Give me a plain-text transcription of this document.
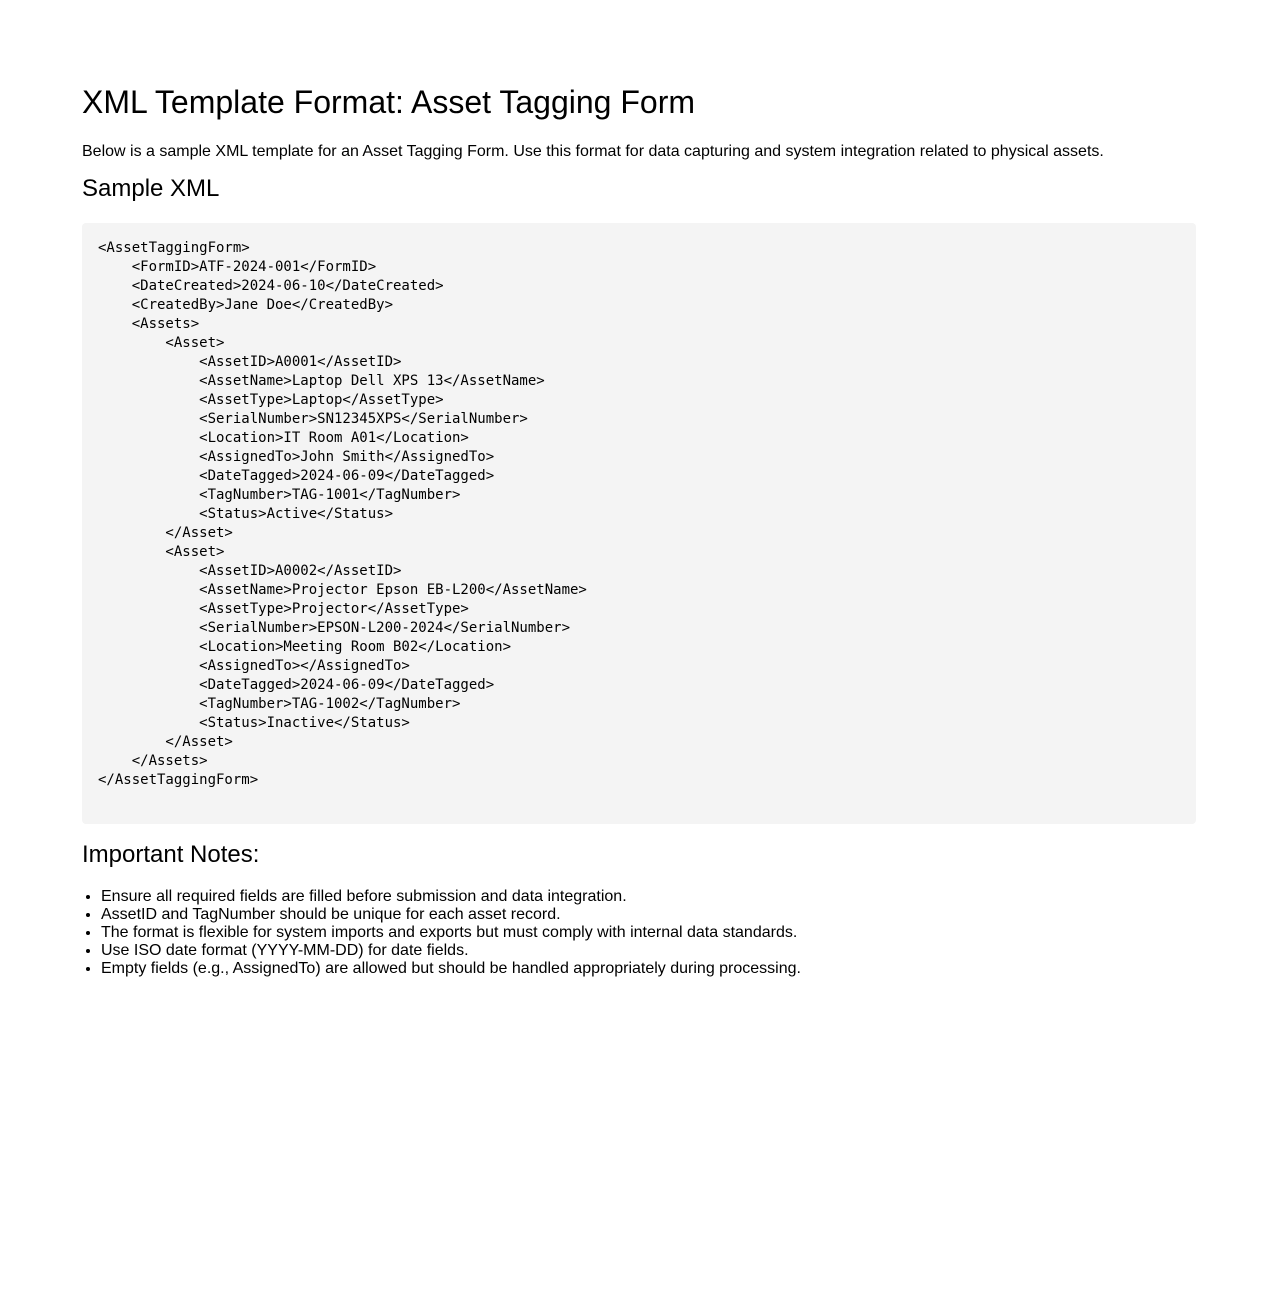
XML Template Format: Asset Tagging Form

Below is a sample XML template for an Asset Tagging Form. Use this format for data capturing and system integration related to physical assets.

Sample XML
<AssetTaggingForm>
<FormID>ATF-2024-001</FormID>
<DateCreated>2024-06-10</DateCreated>
<CreatedBy>Jane Doe</CreatedBy>
<Assets>
<Asset>
<AssetID>A0001</AssetID>
<AssetName>Laptop Dell XPS 13</AssetName>
<AssetType>Laptop</AssetType>
<SerialNumber>SN12345XPS</SerialNumber>
<Location>IT Room A01</Location>
<AssignedTo>John Smith</AssignedTo>
<DateTagged>2024-06-09</DateTagged>
<TagNumber>TAG-1001</TagNumber>
<Status>Active</Status>
</Asset>
<Asset>
<AssetID>A0002</AssetID>
<AssetName>Projector Epson EB-L200</AssetName>
<AssetType>Projector</AssetType>
<SerialNumber>EPSON-L200-2024</SerialNumber>
<Location>Meeting Room B02</Location>
<AssignedTo></AssignedTo>
<DateTagged>2024-06-09</DateTagged>
<TagNumber>TAG-1002</TagNumber>
<Status>Inactive</Status>
</Asset>
</Assets>
</AssetTaggingForm>
Important Notes:
• Ensure all required fields are filled before submission and data integration.
• AssetID and TagNumber should be unique for each asset record.
• The format is flexible for system imports and exports but must comply with internal data standards.
• Use ISO date format (YYYY-MM-DD) for date fields.
• Empty fields (e.g., AssignedTo) are allowed but should be handled appropriately during processing.
